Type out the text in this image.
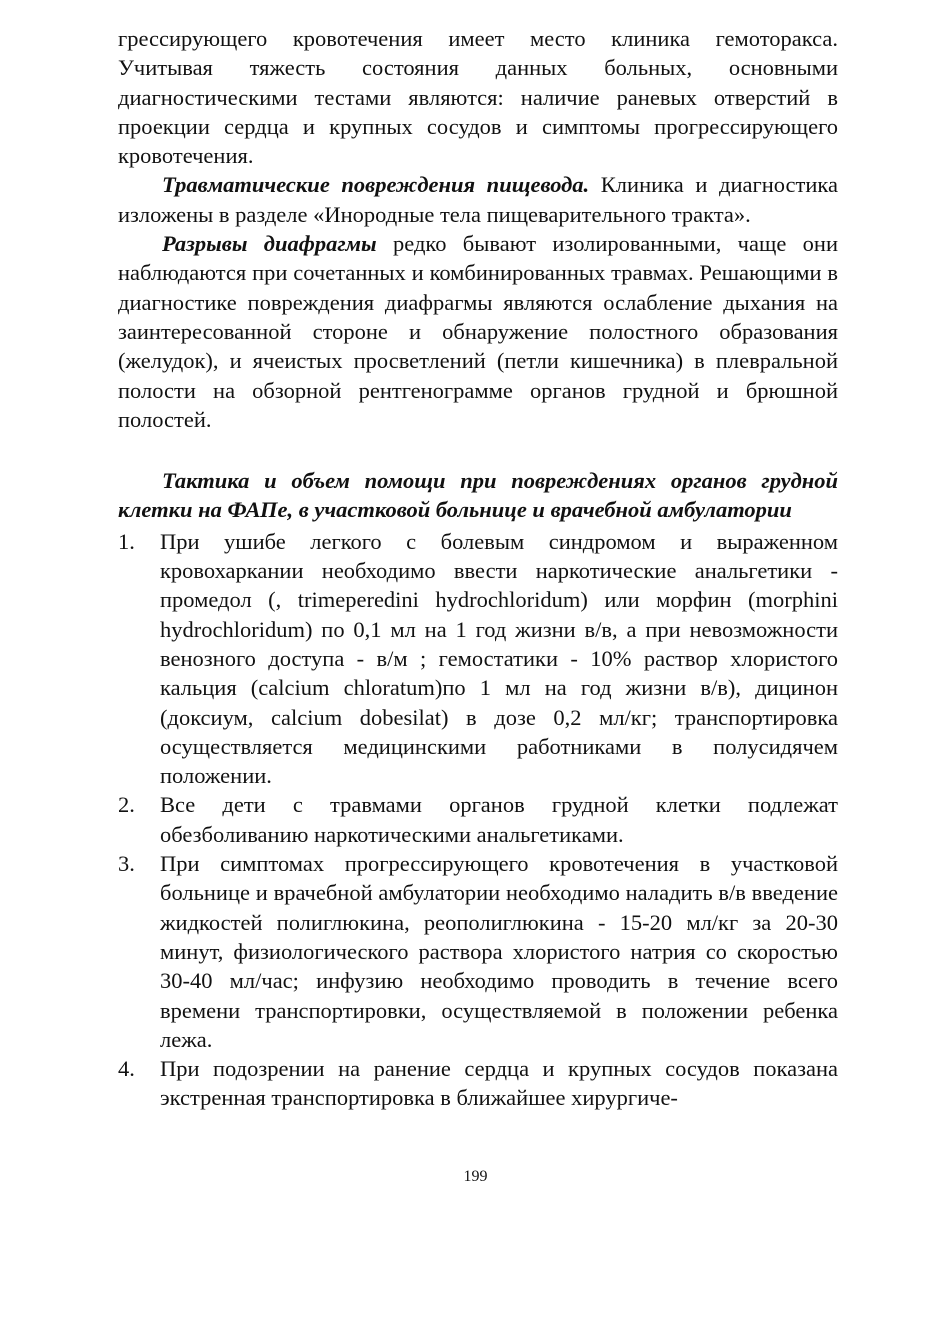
грессирующего кровотечения имеет место клиника гемоторакса. Учитывая тяжесть состояния данных больных, основными диагностическими тестами являются: наличие раневых отверстий в проекции сердца и крупных сосудов и симптомы прогрессирующего кровотечения.

Травматические повреждения пищевода. Клиника и диагностика изложены в разделе «Инородные тела пищеварительного тракта».

Разрывы диафрагмы редко бывают изолированными, чаще они наблюдаются при сочетанных и комбинированных травмах. Решающими в диагностике повреждения диафрагмы являются ослабление дыхания на заинтересованной стороне и обнаружение полостного образования (желудок), и ячеистых просветлений (петли кишечника) в плевральной полости на обзорной рентгенограмме органов грудной и брюшной полостей.

Тактика и объем помощи при повреждениях органов грудной клетки на ФАПе, в участковой больнице и врачебной амбулатории

1. При ушибе легкого с болевым синдромом и выраженном кровохаркании необходимо ввести наркотические анальгетики - промедол (, trimeperedini hydrochloridum) или морфин (morphini hydrochloridum) по 0,1 мл на 1 год жизни в/в, а при невозможности венозного доступа - в/м ; гемостатики - 10% раствор хлористого кальция (calcium chloratum)по 1 мл на год жизни в/в), дицинон (доксиум, calcium dobesilat) в дозе 0,2 мл/кг; транспортировка осуществляется медицинскими работниками в полусидячем положении.
2. Все дети с травмами органов грудной клетки подлежат обезболиванию наркотическими анальгетиками.
3. При симптомах прогрессирующего кровотечения в участковой больнице и врачебной амбулатории необходимо наладить в/в введение жидкостей полиглюкина, реополиглюкина - 15-20 мл/кг за 20-30 минут, физиологического раствора хлористого натрия со скоростью 30-40 мл/час; инфузию необходимо проводить в течение всего времени транспортировки, осуществляемой в положении ребенка лежа.
4. При подозрении на ранение сердца и крупных сосудов показана экстренная транспортировка в ближайшее хирургиче-
199
